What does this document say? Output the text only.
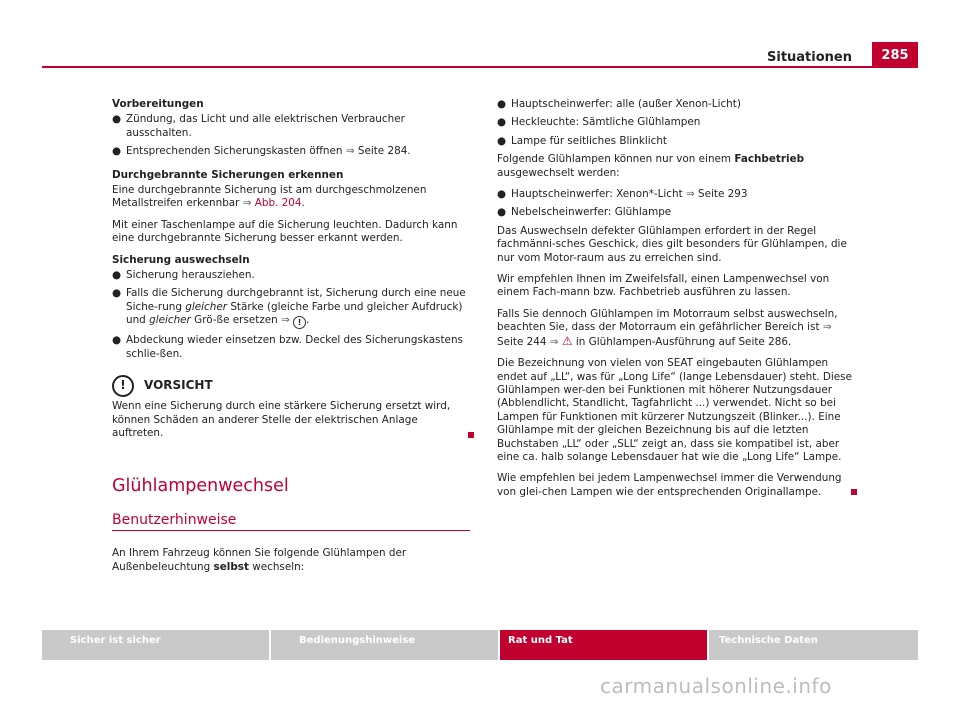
Situationen	285

Vorbereitungen

● Zündung, das Licht und alle elektrischen Verbraucher ausschalten.
● Entsprechenden Sicherungskasten öffnen ⇒ Seite 284.

Durchgebrannte Sicherungen erkennen

Eine durchgebrannte Sicherung ist am durchgeschmolzenen Metallstreifen erkennbar ⇒ Abb. 204.

Mit einer Taschenlampe auf die Sicherung leuchten. Dadurch kann eine durchgebrannte Sicherung besser erkannt werden.

Sicherung auswechseln

● Sicherung herausziehen.
● Falls die Sicherung durchgebrannt ist, Sicherung durch eine neue Siche-rung gleicher Stärke (gleiche Farbe und gleicher Aufdruck) und gleicher Grö-ße ersetzen ⇒ ! .
● Abdeckung wieder einsetzen bzw. Deckel des Sicherungskastens schlie-ßen.
!	VORSICHT

Wenn eine Sicherung durch eine stärkere Sicherung ersetzt wird, können Schäden an anderer Stelle der elektrischen Anlage auftreten.

Glühlampenwechsel
Benutzerhinweise

An Ihrem Fahrzeug können Sie folgende Glühlampen der Außenbeleuchtung selbst wechseln:

● Hauptscheinwerfer: alle (außer Xenon-Licht)
● Heckleuchte: Sämtliche Glühlampen
● Lampe für seitliches Blinklicht

Folgende Glühlampen können nur von einem Fachbetrieb ausgewechselt werden:

● Hauptscheinwerfer: Xenon*-Licht ⇒ Seite 293
● Nebelscheinwerfer: Glühlampe

Das Auswechseln defekter Glühlampen erfordert in der Regel fachmänni-sches Geschick, dies gilt besonders für Glühlampen, die nur vom Motor-raum aus zu erreichen sind.

Wir empfehlen Ihnen im Zweifelsfall, einen Lampenwechsel von einem Fach-mann bzw. Fachbetrieb ausführen zu lassen.

Falls Sie dennoch Glühlampen im Motorraum selbst auswechseln, beachten Sie, dass der Motorraum ein gefährlicher Bereich ist ⇒ Seite 244 ⇒ ⚠ in Glühlampen-Ausführung auf Seite 286.

Die Bezeichnung von vielen von SEAT eingebauten Glühlampen endet auf „LL“, was für „Long Life“ (lange Lebensdauer) steht. Diese Glühlampen wer-den bei Funktionen mit höherer Nutzungsdauer (Abblendlicht, Standlicht, Tagfahrlicht ...) verwendet. Nicht so bei Lampen für Funktionen mit kürzerer Nutzungszeit (Blinker...). Eine Glühlampe mit der gleichen Bezeichnung bis auf die letzten Buchstaben „LL“ oder „SLL“ zeigt an, dass sie kompatibel ist, aber eine ca. halb solange Lebensdauer hat wie die „Long Life“ Lampe.

Wie empfehlen bei jedem Lampenwechsel immer die Verwendung von glei-chen Lampen wie der entsprechenden Originallampe.

Sicher ist sicher	Bedienungshinweise	Rat und Tat	Technische Daten
carmanualsonline.info
